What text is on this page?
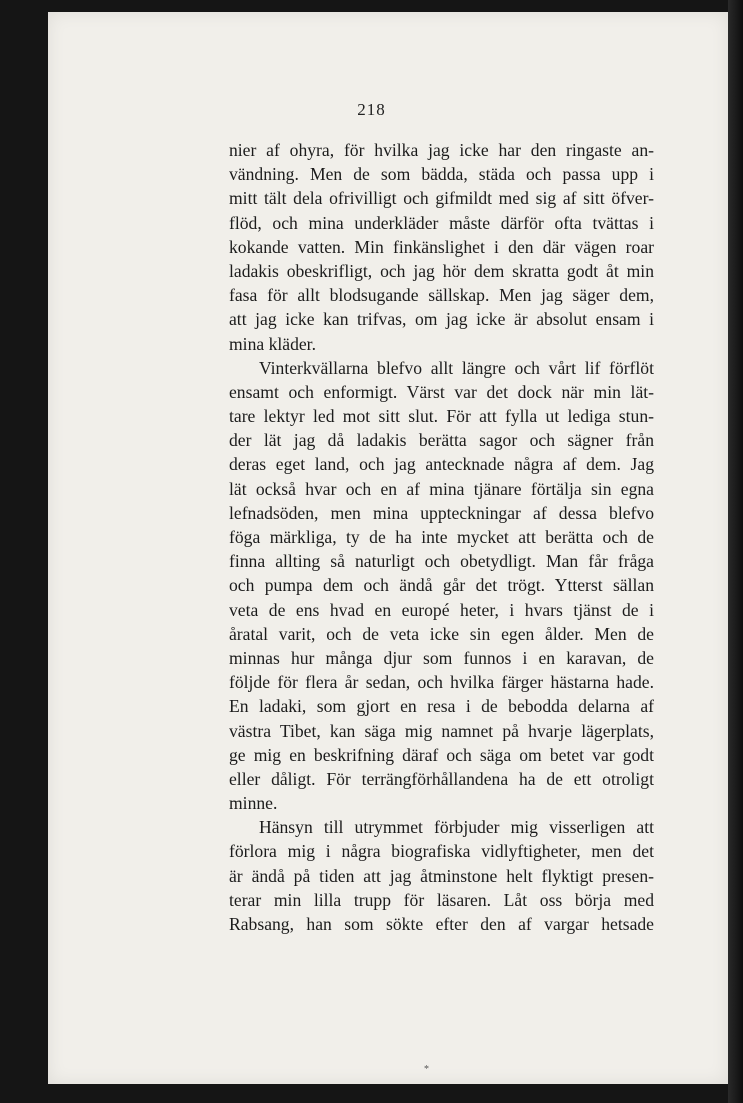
218
nier af ohyra, för hvilka jag icke har den ringaste an-
vändning. Men de som bädda, städa och passa upp i
mitt tält dela ofrivilligt och gifmildt med sig af sitt öfver-
flöd, och mina underkläder måste därför ofta tvättas i
kokande vatten. Min finkänslighet i den där vägen roar
ladakis obeskrifligt, och jag hör dem skratta godt åt min
fasa för allt blodsugande sällskap. Men jag säger dem,
att jag icke kan trifvas, om jag icke är absolut ensam i
mina kläder.
Vinterkvällarna blefvo allt längre och vårt lif förflöt
ensamt och enformigt. Värst var det dock när min lät-
tare lektyr led mot sitt slut. För att fylla ut lediga stun-
der lät jag då ladakis berätta sagor och sägner från
deras eget land, och jag antecknade några af dem. Jag
lät också hvar och en af mina tjänare förtälja sin egna
lefnadsöden, men mina uppteckningar af dessa blefvo
föga märkliga, ty de ha inte mycket att berätta och de
finna allting så naturligt och obetydligt. Man får fråga
och pumpa dem och ändå går det trögt. Ytterst sällan
veta de ens hvad en europé heter, i hvars tjänst de i
åratal varit, och de veta icke sin egen ålder. Men de
minnas hur många djur som funnos i en karavan, de
följde för flera år sedan, och hvilka färger hästarna hade.
En ladaki, som gjort en resa i de bebodda delarna af
västra Tibet, kan säga mig namnet på hvarje lägerplats,
ge mig en beskrifning däraf och säga om betet var godt
eller dåligt. För terrängförhållandena ha de ett otroligt
minne.
Hänsyn till utrymmet förbjuder mig visserligen att
förlora mig i några biografiska vidlyftigheter, men det
är ändå på tiden att jag åtminstone helt flyktigt presen-
terar min lilla trupp för läsaren. Låt oss börja med
Rabsang, han som sökte efter den af vargar hetsade
*
